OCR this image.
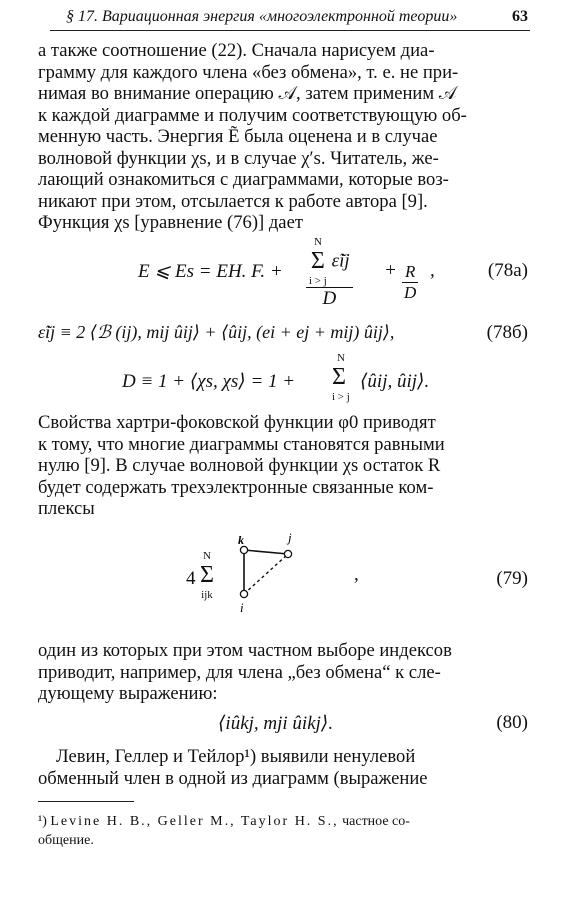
§ 17. Вариационная энергия «многоэлектронной теории»	63

а также соотношение (22). Сначала нарисуем диа-

грамму для каждого члена «без обмена», т. е. не при-

нимая во внимание операцию 𝒜, затем применим 𝒜

к каждой диаграмме и получим соответствующую об-

менную часть. Энергия Ẽ была оценена и в случае

волновой функции χs, и в случае χ′s. Читатель, же-

лающий ознакомиться с диаграммами, которые воз-

никают при этом, отсылается к работе автора [9].

Функция χs [уравнение (76)] дает

E ⩽ Es = EH. F. + N
Σ
i > j
ε̃ij
$D + \frac{R}{D}$ ,	(78а)
ε̃ij ≡ 2 ⟨ℬ (ij), mij ûij⟩ + ⟨ûij, (ei + ej + mij) ûij⟩,	(78б)
D ≡ 1 + ⟨χs, χs⟩ = 1 +
N
Σ
i > j
⟨ûij, ûij⟩.

Свойства хартри-фоковской функции φ0 приводят

к тому, что многие диаграммы становятся равными

нулю [9]. В случае волновой функции χs остаток R

будет содержать трехэлектронные связанные ком-

плексы

4
N
Σ
ijk
k	j
i
,	(79)

один из которых при этом частном выборе индексов

приводит, например, для члена „без обмена“ к сле-

дующему выражению:

⟨iûkj, mji ûikj⟩.	(80)

Левин, Геллер и Тейлор¹) выявили ненулевой

обменный член в одной из диаграмм (выражение

¹) Levine H. B., Geller M., Taylor H. S., частное со-
общение.
